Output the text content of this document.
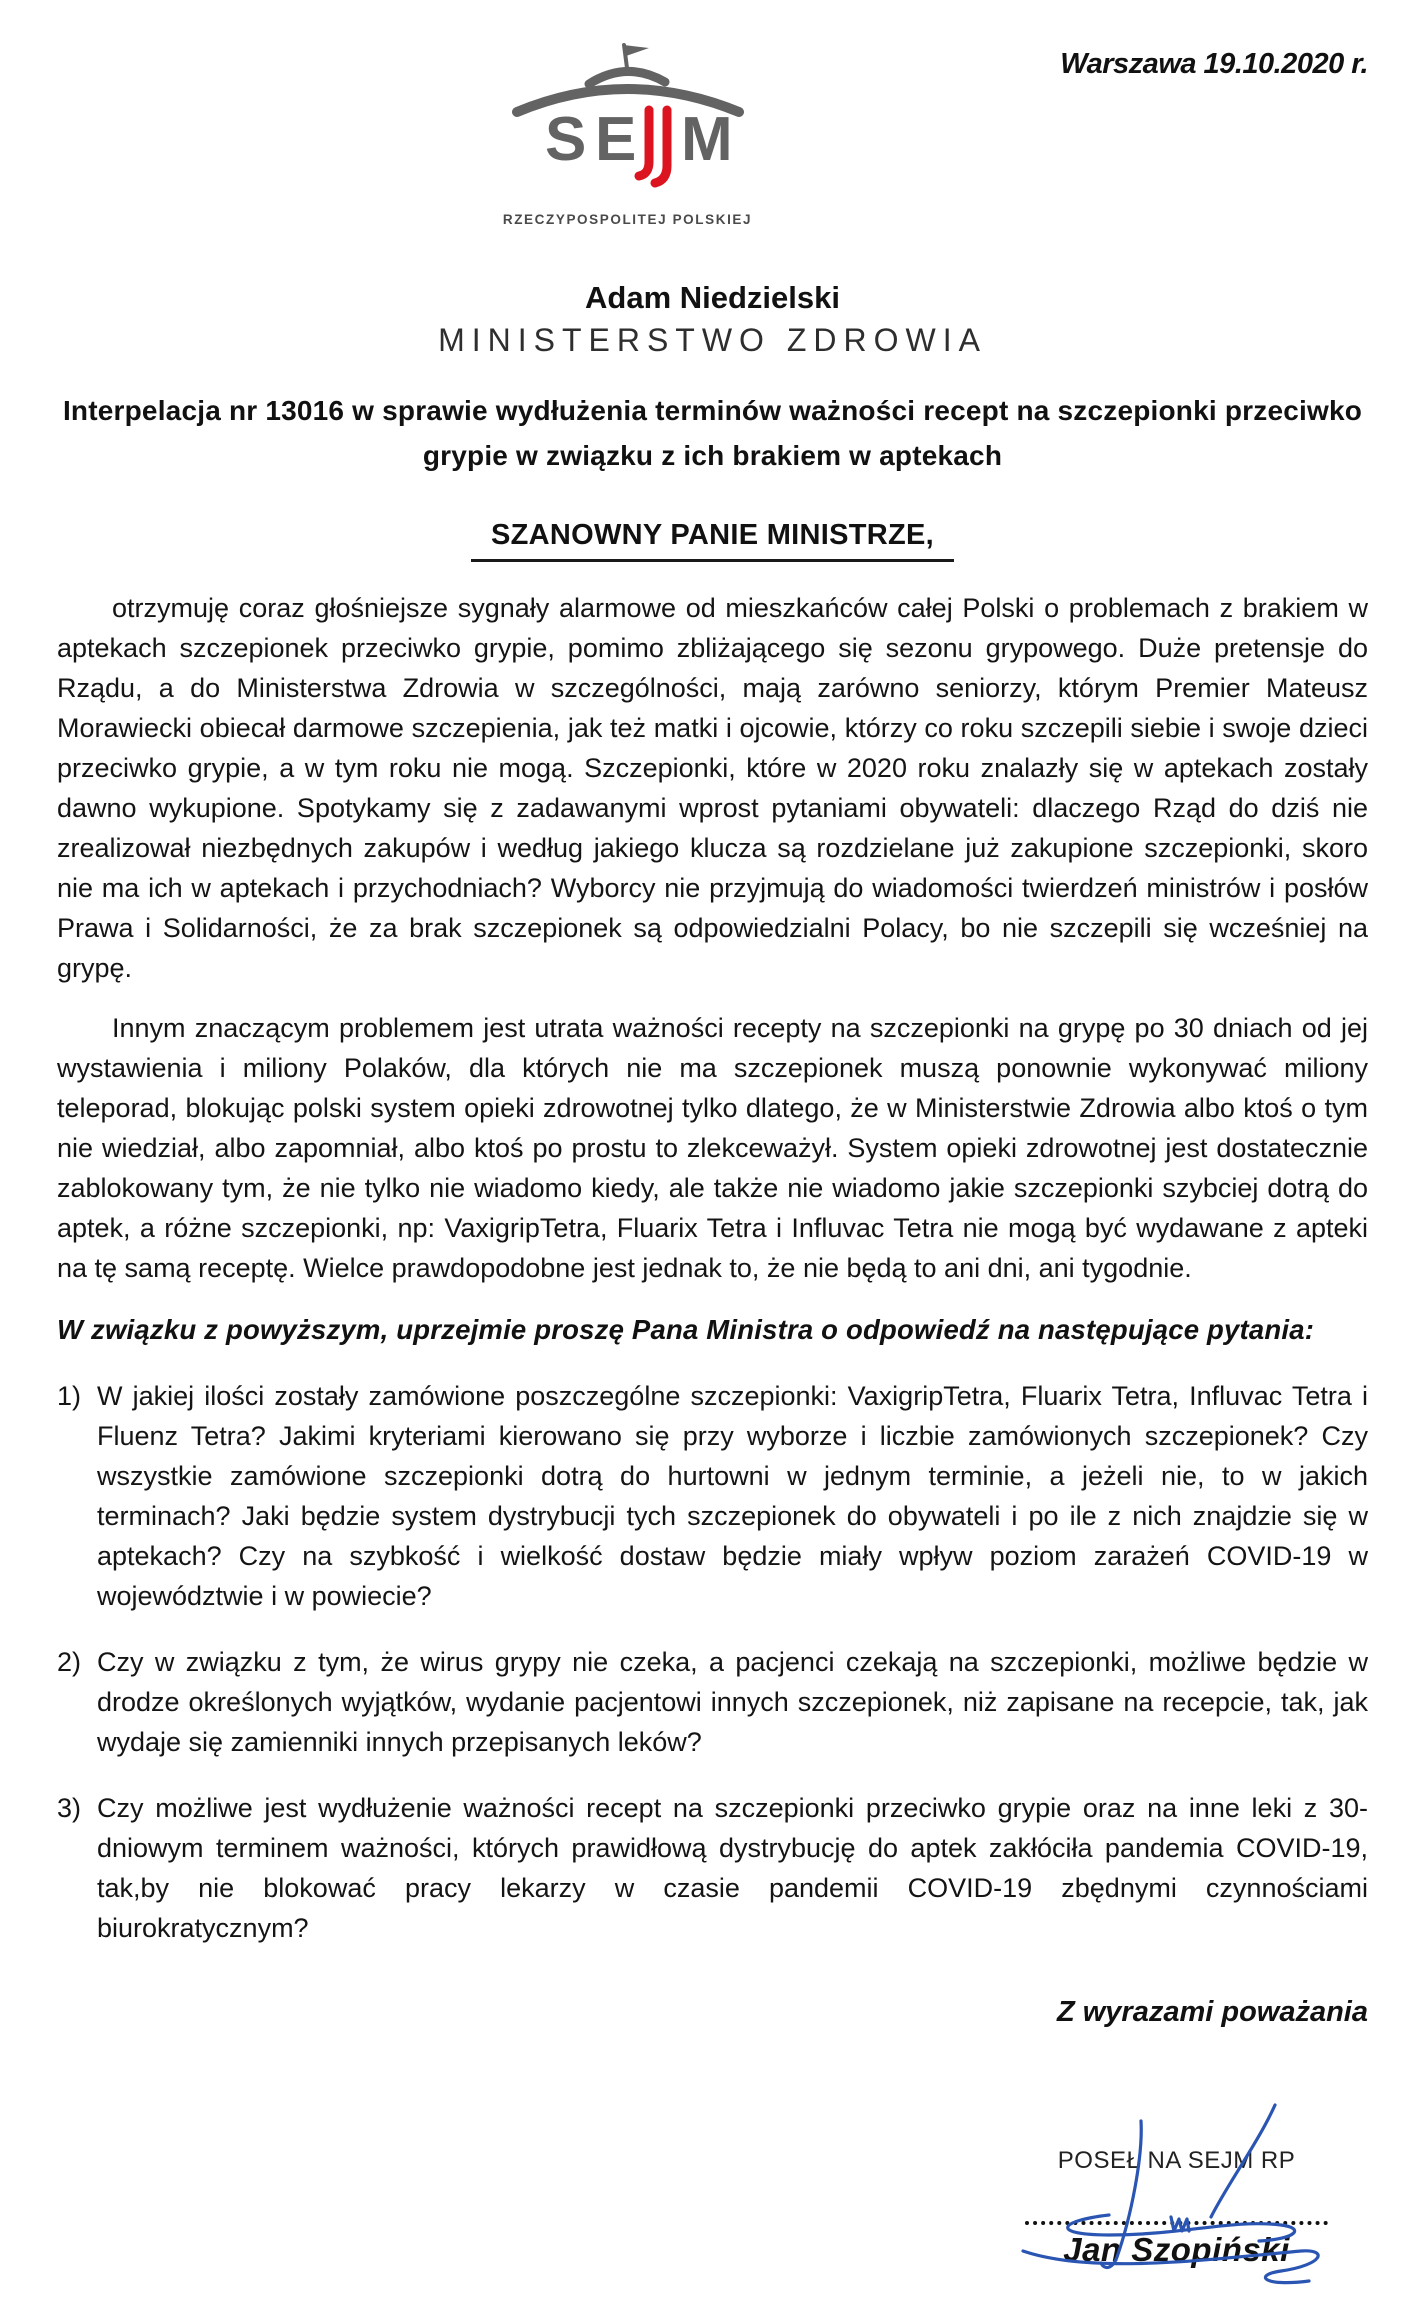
S E M
RZECZYPOSPOLITEJ POLSKIEJ
Warszawa 19.10.2020 r.
Adam Niedzielski
MINISTERSTWO ZDROWIA
Interpelacja nr 13016 w sprawie wydłużenia terminów ważności recept na szczepionki przeciwko grypie w związku z ich brakiem w aptekach
SZANOWNY PANIE MINISTRZE,

otrzymuję coraz głośniejsze sygnały alarmowe od mieszkańców całej Polski o problemach z brakiem w aptekach szczepionek przeciwko grypie, pomimo zbliżającego się sezonu grypowego. Duże pretensje do Rządu, a do Ministerstwa Zdrowia w szczególności, mają zarówno seniorzy, którym Premier Mateusz Morawiecki obiecał darmowe szczepienia, jak też matki i ojcowie, którzy co roku szczepili siebie i swoje dzieci przeciwko grypie, a w tym roku nie mogą. Szczepionki, które w 2020 roku znalazły się w aptekach zostały dawno wykupione. Spotykamy się z zadawanymi wprost pytaniami obywateli: dlaczego Rząd do dziś nie zrealizował niezbędnych zakupów i według jakiego klucza są rozdzielane już zakupione szczepionki, skoro nie ma ich w aptekach i przychodniach? Wyborcy nie przyjmują do wiadomości twierdzeń ministrów i posłów Prawa i Solidarności, że za brak szczepionek są odpowiedzialni Polacy, bo nie szczepili się wcześniej na grypę.

Innym znaczącym problemem jest utrata ważności recepty na szczepionki na grypę po 30 dniach od jej wystawienia i miliony Polaków, dla których nie ma szczepionek muszą ponownie wykonywać miliony teleporad, blokując polski system opieki zdrowotnej tylko dlatego, że w Ministerstwie Zdrowia albo ktoś o tym nie wiedział, albo zapomniał, albo ktoś po prostu to zlekceważył. System opieki zdrowotnej jest dostatecznie zablokowany tym, że nie tylko nie wiadomo kiedy, ale także nie wiadomo jakie szczepionki szybciej dotrą do aptek, a różne szczepionki, np: VaxigripTetra, Fluarix Tetra i Influvac Tetra nie mogą być wydawane z apteki na tę samą receptę. Wielce prawdopodobne jest jednak to, że nie będą to ani dni, ani tygodnie.

W związku z powyższym, uprzejmie proszę Pana Ministra o odpowiedź na następujące pytania:
1) W jakiej ilości zostały zamówione poszczególne szczepionki: VaxigripTetra, Fluarix Tetra, Influvac Tetra i Fluenz Tetra? Jakimi kryteriami kierowano się przy wyborze i liczbie zamówionych szczepionek? Czy wszystkie zamówione szczepionki dotrą do hurtowni w jednym terminie, a jeżeli nie, to w jakich terminach? Jaki będzie system dystrybucji tych szczepionek do obywateli i po ile z nich znajdzie się w aptekach? Czy na szybkość i wielkość dostaw będzie miały wpływ poziom zarażeń COVID-19 w województwie i w powiecie?
2) Czy w związku z tym, że wirus grypy nie czeka, a pacjenci czekają na szczepionki, możliwe będzie w drodze określonych wyjątków, wydanie pacjentowi innych szczepionek, niż zapisane na recepcie, tak, jak wydaje się zamienniki innych przepisanych leków?
3) Czy możliwe jest wydłużenie ważności recept na szczepionki przeciwko grypie oraz na inne leki z 30-dniowym terminem ważności, których prawidłową dystrybucję do aptek zakłóciła pandemia COVID-19, tak,by nie blokować pracy lekarzy w czasie pandemii COVID-19 zbędnymi czynnościami biurokratycznym?
Z wyrazami poważania
POSEŁ NA SEJM RP
Jan Szopiński
